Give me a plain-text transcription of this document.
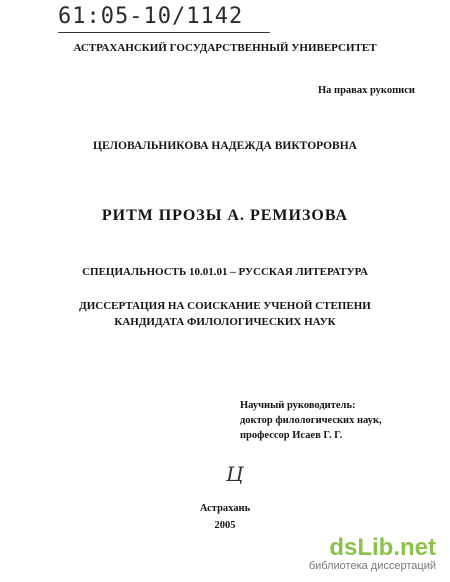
61:05-10/1142
АСТРАХАНСКИЙ ГОСУДАРСТВЕННЫЙ УНИВЕРСИТЕТ
На правах рукописи
ЦЕЛОВАЛЬНИКОВА НАДЕЖДА ВИКТОРОВНА
РИТМ ПРОЗЫ А. РЕМИЗОВА
СПЕЦИАЛЬНОСТЬ 10.01.01 – РУССКАЯ ЛИТЕРАТУРА
ДИССЕРТАЦИЯ НА СОИСКАНИЕ УЧЕНОЙ СТЕПЕНИ
КАНДИДАТА ФИЛОЛОГИЧЕСКИХ НАУК
Научный руководитель:
доктор филологических наук,
профессор Исаев Г. Г.
Ц
Астрахань
2005
dsLib .net
библиотека диссертаций
